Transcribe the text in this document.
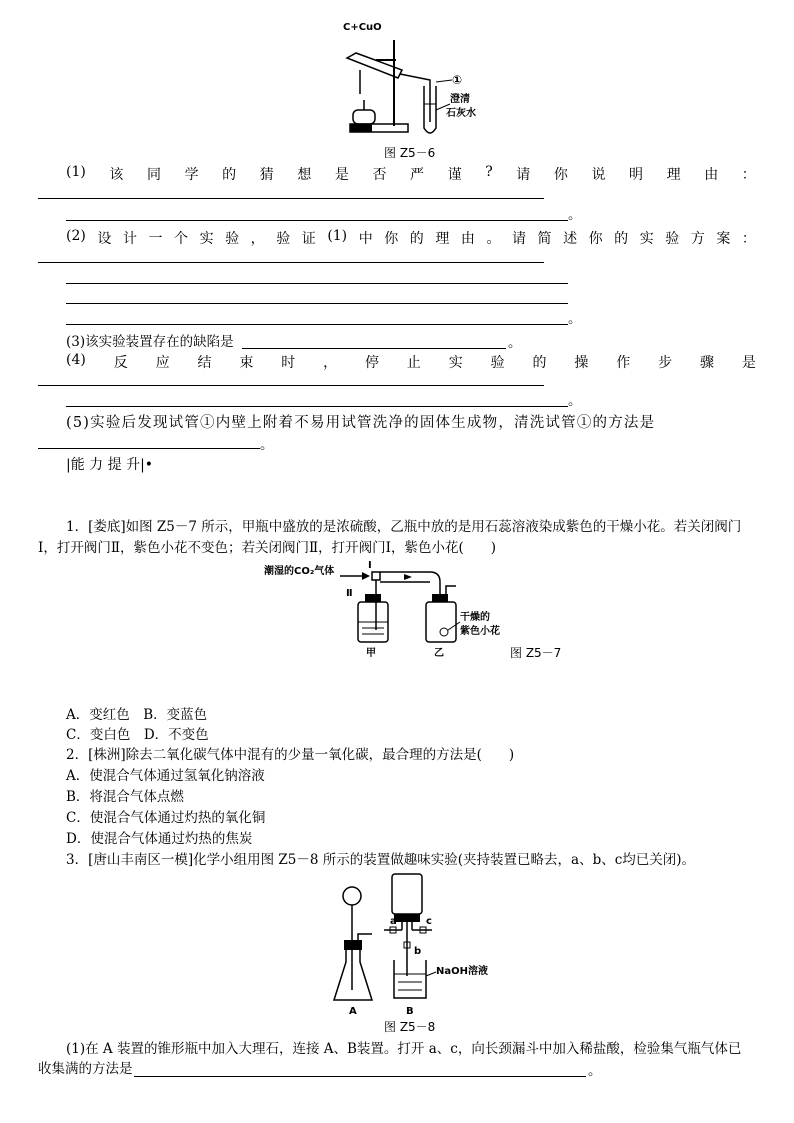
C+CuO
①
澄清
石灰水
图 Z5－6
(1) 该 同 学 的 猜 想 是 否 严 谨 ? 请 你 说 明 理 由 ：
。
(2) 设 计 一 个 实 验 ， 验 证 (1) 中 你 的 理 由 。 请 简 述 你 的 实 验 方 案 ：
。
(3)该实验装置存在的缺陷是	。
(4) 反 应 结 束 时 ， 停 止 实 验 的 操 作 步 骤 是
。
(5)实验后发现试管①内壁上附着不易用试管洗净的固体生成物，清洗试管①的方法是
。
|能 力 提 升|•
1．[娄底]如图 Z5－7 所示，甲瓶中盛放的是浓硫酸，乙瓶中放的是用石蕊溶液染成紫色的干燥小花。若关闭阀门
Ⅰ，打开阀门Ⅱ，紫色小花不变色；若关闭阀门Ⅱ，打开阀门Ⅰ，紫色小花(　　)
潮湿的CO₂气体
Ⅰ
Ⅱ
干燥的
紫色小花
甲	乙	图 Z5－7
A．变红色　B．变蓝色
C．变白色　D．不变色
2．[株洲]除去二氧化碳气体中混有的少量一氧化碳，最合理的方法是(　　)
A．使混合气体通过氢氧化钠溶液
B．将混合气体点燃
C．使混合气体通过灼热的氧化铜
D．使混合气体通过灼热的焦炭
3．[唐山丰南区一模]化学小组用图 Z5－8 所示的装置做趣味实验(夹持装置已略去，a、b、c均已关闭)。
a	c
b
NaOH溶液
A	B
图 Z5－8
(1)在 A 装置的锥形瓶中加入大理石，连接 A、B装置。打开 a、c，向长颈漏斗中加入稀盐酸，检验集气瓶气体已
收集满的方法是	。
